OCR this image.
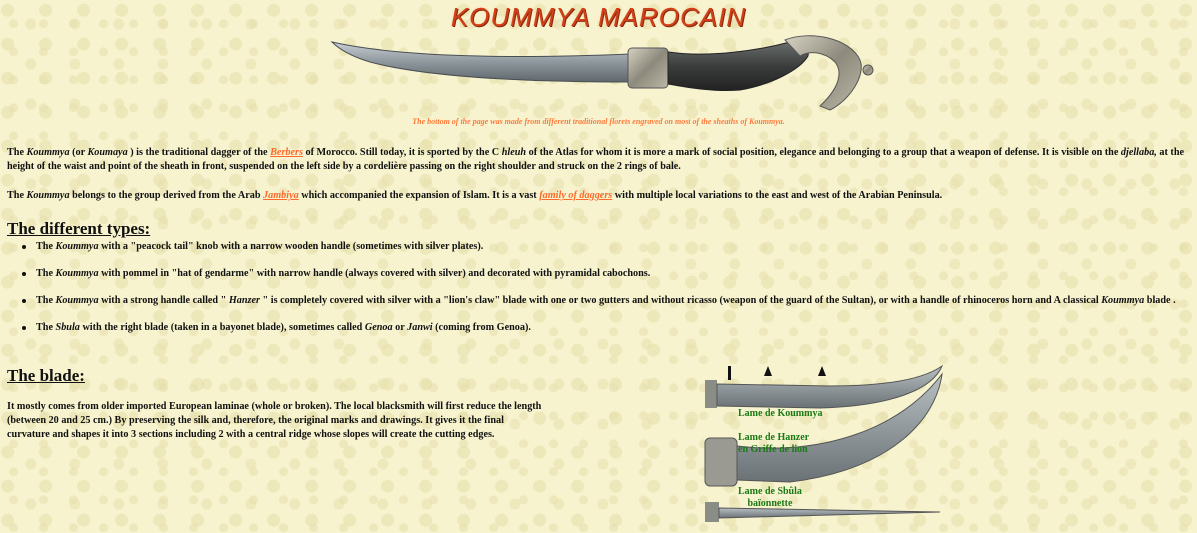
KOUMMYA MAROCAIN
The bottom of the page was made from different traditional florets engraved on most of the sheaths of Koummya.
The Koummya (or Koumaya ) is the traditional dagger of the Berbers of Morocco. Still today, it is sported by the C hleuh of the Atlas for whom it is more a mark of social position, elegance and belonging to a group that a weapon of defense. It is visible on the djellaba, at the height of the waist and point of the sheath in front, suspended on the left side by a cordelière passing on the right shoulder and struck on the 2 rings of bale.
The Koummya belongs to the group derived from the Arab Jambiya which accompanied the expansion of Islam. It is a vast family of daggers with multiple local variations to the east and west of the Arabian Peninsula.
The different types:
The Koummya with a "peacock tail" knob with a narrow wooden handle (sometimes with silver plates).
The Koummya with pommel in "hat of gendarme" with narrow handle (always covered with silver) and decorated with pyramidal cabochons.
The Koummya with a strong handle called " Hanzer " is completely covered with silver with a "lion's claw" blade with one or two gutters and without ricasso (weapon of the guard of the Sultan), or with a handle of rhinoceros horn and A classical Koummya blade .
The Sbula with the right blade (taken in a bayonet blade), sometimes called Genoa or Janwi (coming from Genoa).
The blade:
It mostly comes from older imported European laminae (whole or broken). The local blacksmith will first reduce the length (between 20 and 25 cm.) By preserving the silk and, therefore, the original marks and drawings. It gives it the final curvature and shapes it into 3 sections including 2 with a central ridge whose slopes will create the cutting edges.
Lame de Koummya
Lame de Hanzer
en Griffe de lion
Lame de Sbûla
baïonnette
